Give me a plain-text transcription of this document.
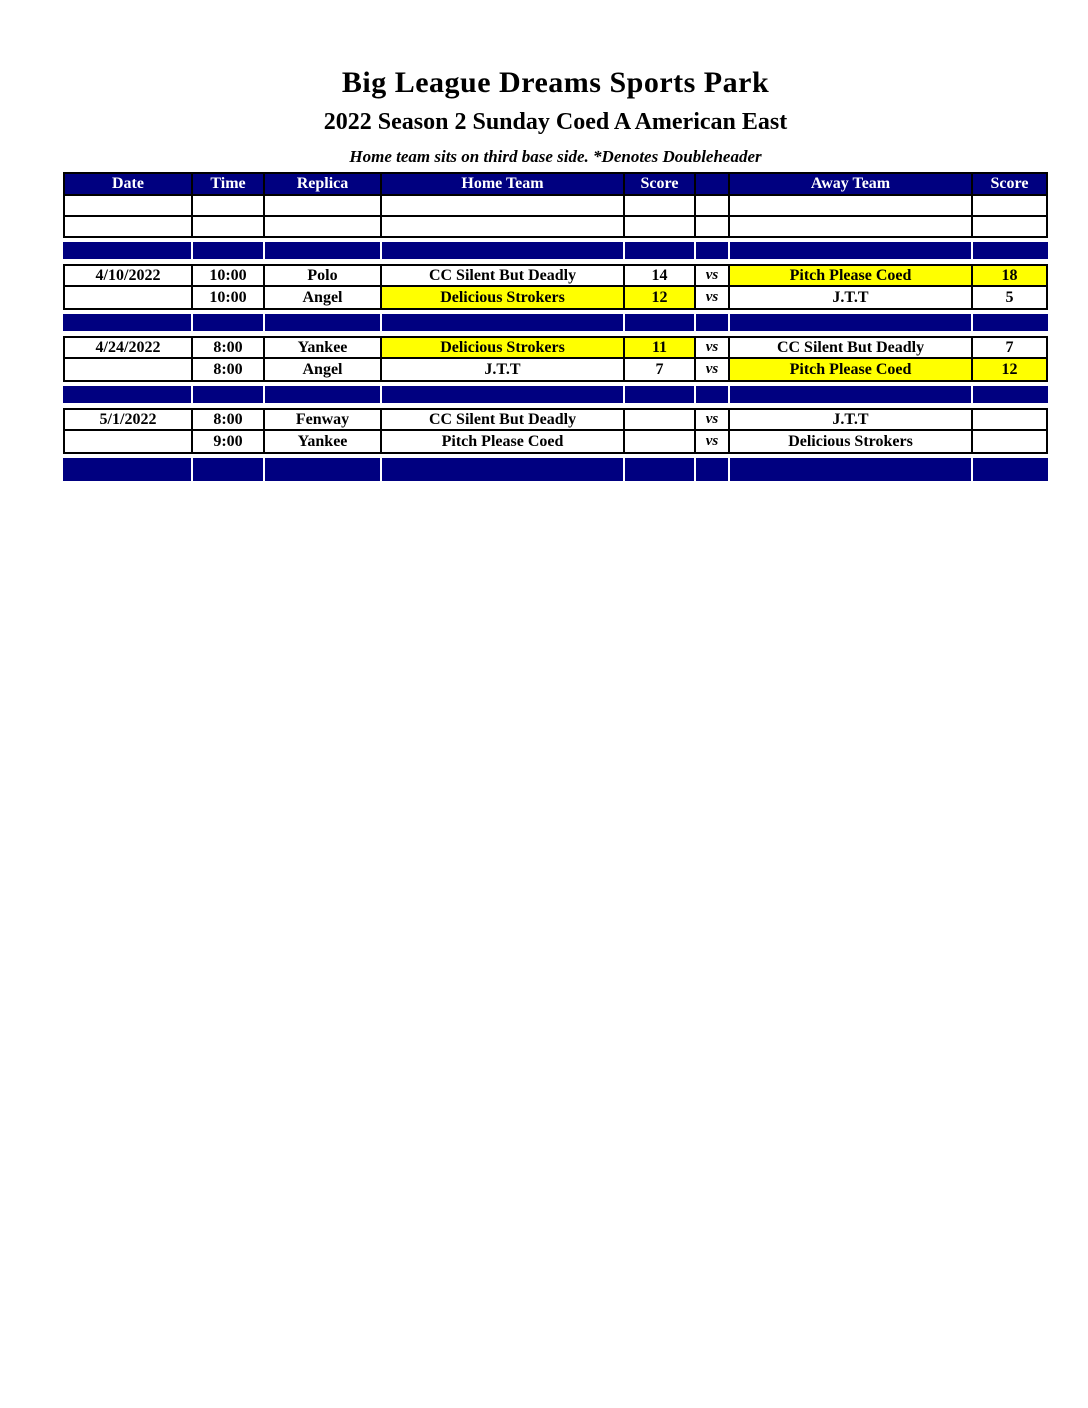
Big League Dreams Sports Park
2022 Season 2 Sunday Coed A American East
Home team sits on third base side. *Denotes Doubleheader
Date	Time	Replica	Home Team	Score	Away Team	Score
4/10/2022	10:00	Polo	CC Silent But Deadly	14	vs	Pitch Please Coed	18
10:00	Angel	Delicious Strokers	12	vs	J.T.T	5
4/24/2022	8:00	Yankee	Delicious Strokers	11	vs	CC Silent But Deadly	7
8:00	Angel	J.T.T	7	vs	Pitch Please Coed	12
5/1/2022	8:00	Fenway	CC Silent But Deadly	vs	J.T.T
9:00	Yankee	Pitch Please Coed	vs	Delicious Strokers
